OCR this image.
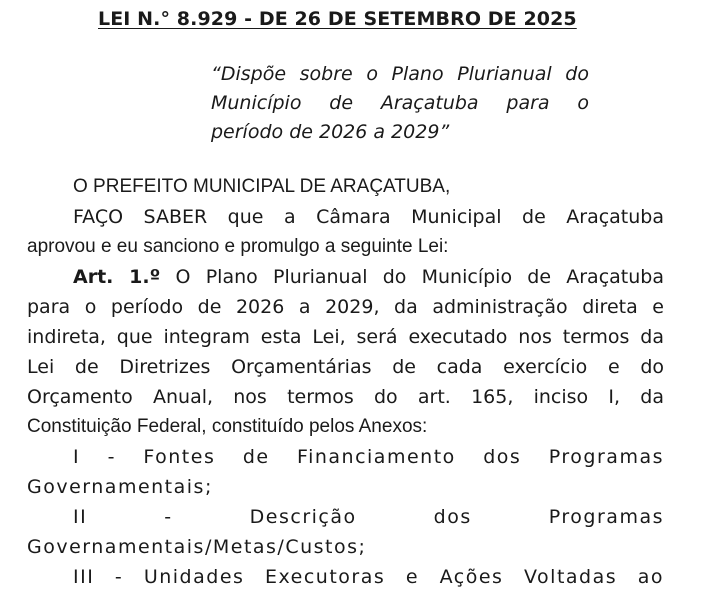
LEI N.° 8.929 - DE 26 DE SETEMBRO DE 2025
“Dispõe sobre o Plano Plurianual do
Município de Araçatuba para o
período de 2026 a 2029”
O PREFEITO MUNICIPAL DE ARAÇATUBA,
FAÇO SABER que a Câmara Municipal de Araçatuba
aprovou e eu sanciono e promulgo a seguinte Lei:
Art. 1.º O Plano Plurianual do Município de Araçatuba
para o período de 2026 a 2029, da administração direta e
indireta, que integram esta Lei, será executado nos termos da
Lei de Diretrizes Orçamentárias de cada exercício e do
Orçamento Anual, nos termos do art. 165, inciso I, da
Constituição Federal, constituído pelos Anexos:
I - Fontes de Financiamento dos Programas
Governamentais;
II - Descrição dos Programas
Governamentais/Metas/Custos;
III - Unidades Executoras e Ações Voltadas ao
